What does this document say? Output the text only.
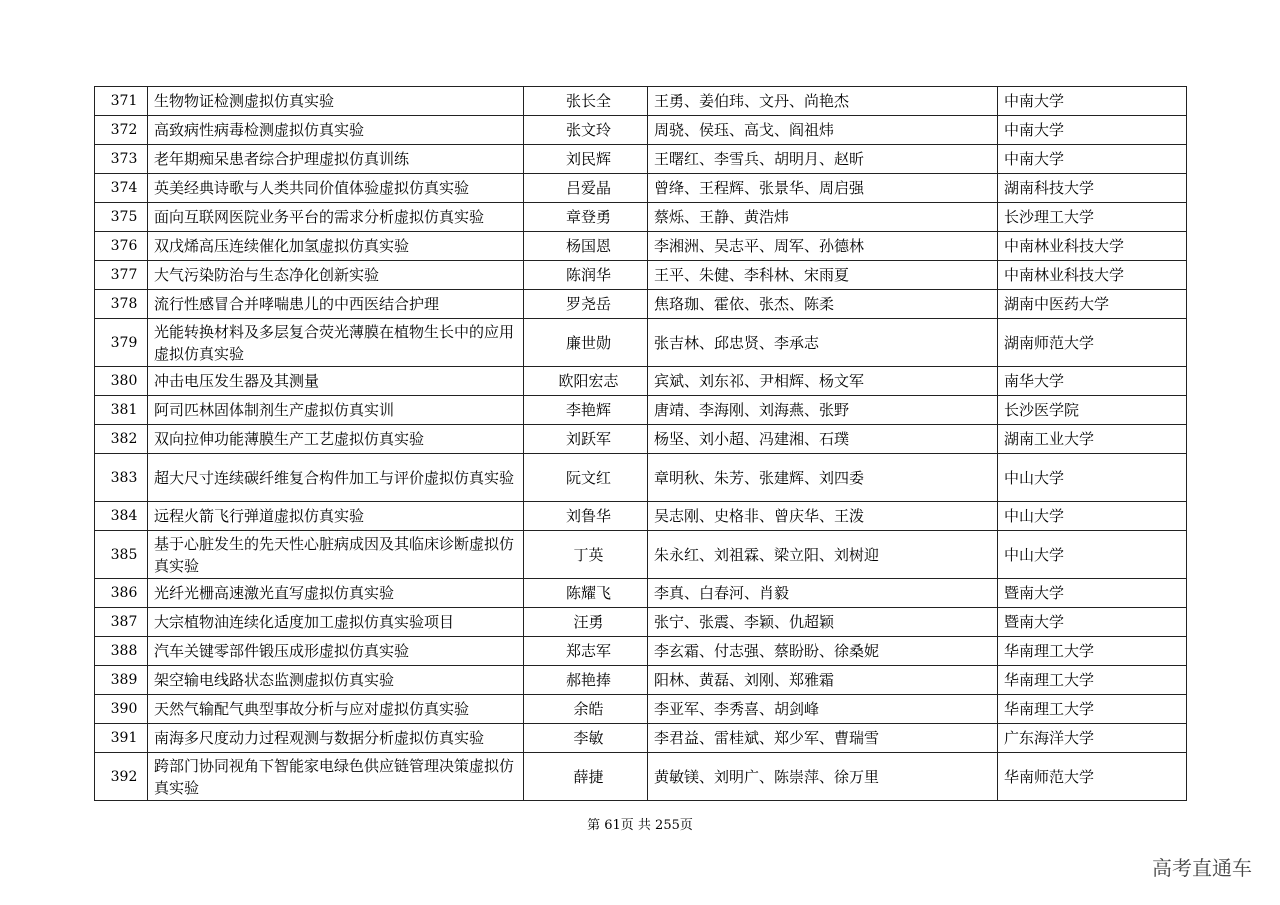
371	生物物证检测虚拟仿真实验	张长全	王勇、姜伯玮、文丹、尚艳杰	中南大学
372	高致病性病毒检测虚拟仿真实验	张文玲	周骁、侯珏、高戈、阎祖炜	中南大学
373	老年期痴呆患者综合护理虚拟仿真训练	刘民辉	王曙红、李雪兵、胡明月、赵昕	中南大学
374	英美经典诗歌与人类共同价值体验虚拟仿真实验	吕爱晶	曾绛、王程辉、张景华、周启强	湖南科技大学
375	面向互联网医院业务平台的需求分析虚拟仿真实验	章登勇	蔡烁、王静、黄浩炜	长沙理工大学
376	双戊烯高压连续催化加氢虚拟仿真实验	杨国恩	李湘洲、吴志平、周军、孙德林	中南林业科技大学
377	大气污染防治与生态净化创新实验	陈润华	王平、朱健、李科林、宋雨夏	中南林业科技大学
378	流行性感冒合并哮喘患儿的中西医结合护理	罗尧岳	焦珞珈、霍依、张杰、陈柔	湖南中医药大学
379	光能转换材料及多层复合荧光薄膜在植物生长中的应用虚拟仿真实验	廉世勋	张吉林、邱忠贤、李承志	湖南师范大学
380	冲击电压发生器及其测量	欧阳宏志	宾斌、刘东祁、尹相辉、杨文军	南华大学
381	阿司匹林固体制剂生产虚拟仿真实训	李艳辉	唐靖、李海刚、刘海燕、张野	长沙医学院
382	双向拉伸功能薄膜生产工艺虚拟仿真实验	刘跃军	杨坚、刘小超、冯建湘、石璞	湖南工业大学
383	超大尺寸连续碳纤维复合构件加工与评价虚拟仿真实验	阮文红	章明秋、朱芳、张建辉、刘四委	中山大学
384	远程火箭飞行弹道虚拟仿真实验	刘鲁华	吴志刚、史格非、曾庆华、王泼	中山大学
385	基于心脏发生的先天性心脏病成因及其临床诊断虚拟仿真实验	丁英	朱永红、刘祖霖、梁立阳、刘树迎	中山大学
386	光纤光栅高速激光直写虚拟仿真实验	陈耀飞	李真、白春河、肖毅	暨南大学
387	大宗植物油连续化适度加工虚拟仿真实验项目	汪勇	张宁、张震、李颖、仇超颖	暨南大学
388	汽车关键零部件锻压成形虚拟仿真实验	郑志军	李玄霜、付志强、蔡盼盼、徐桑妮	华南理工大学
389	架空输电线路状态监测虚拟仿真实验	郝艳捧	阳林、黄磊、刘刚、郑雅霜	华南理工大学
390	天然气输配气典型事故分析与应对虚拟仿真实验	余皓	李亚军、李秀喜、胡剑峰	华南理工大学
391	南海多尺度动力过程观测与数据分析虚拟仿真实验	李敏	李君益、雷桂斌、郑少军、曹瑞雪	广东海洋大学
392	跨部门协同视角下智能家电绿色供应链管理决策虚拟仿真实验	薛捷	黄敏镁、刘明广、陈崇萍、徐万里	华南师范大学
第 61页 共 255页
高考直通车
